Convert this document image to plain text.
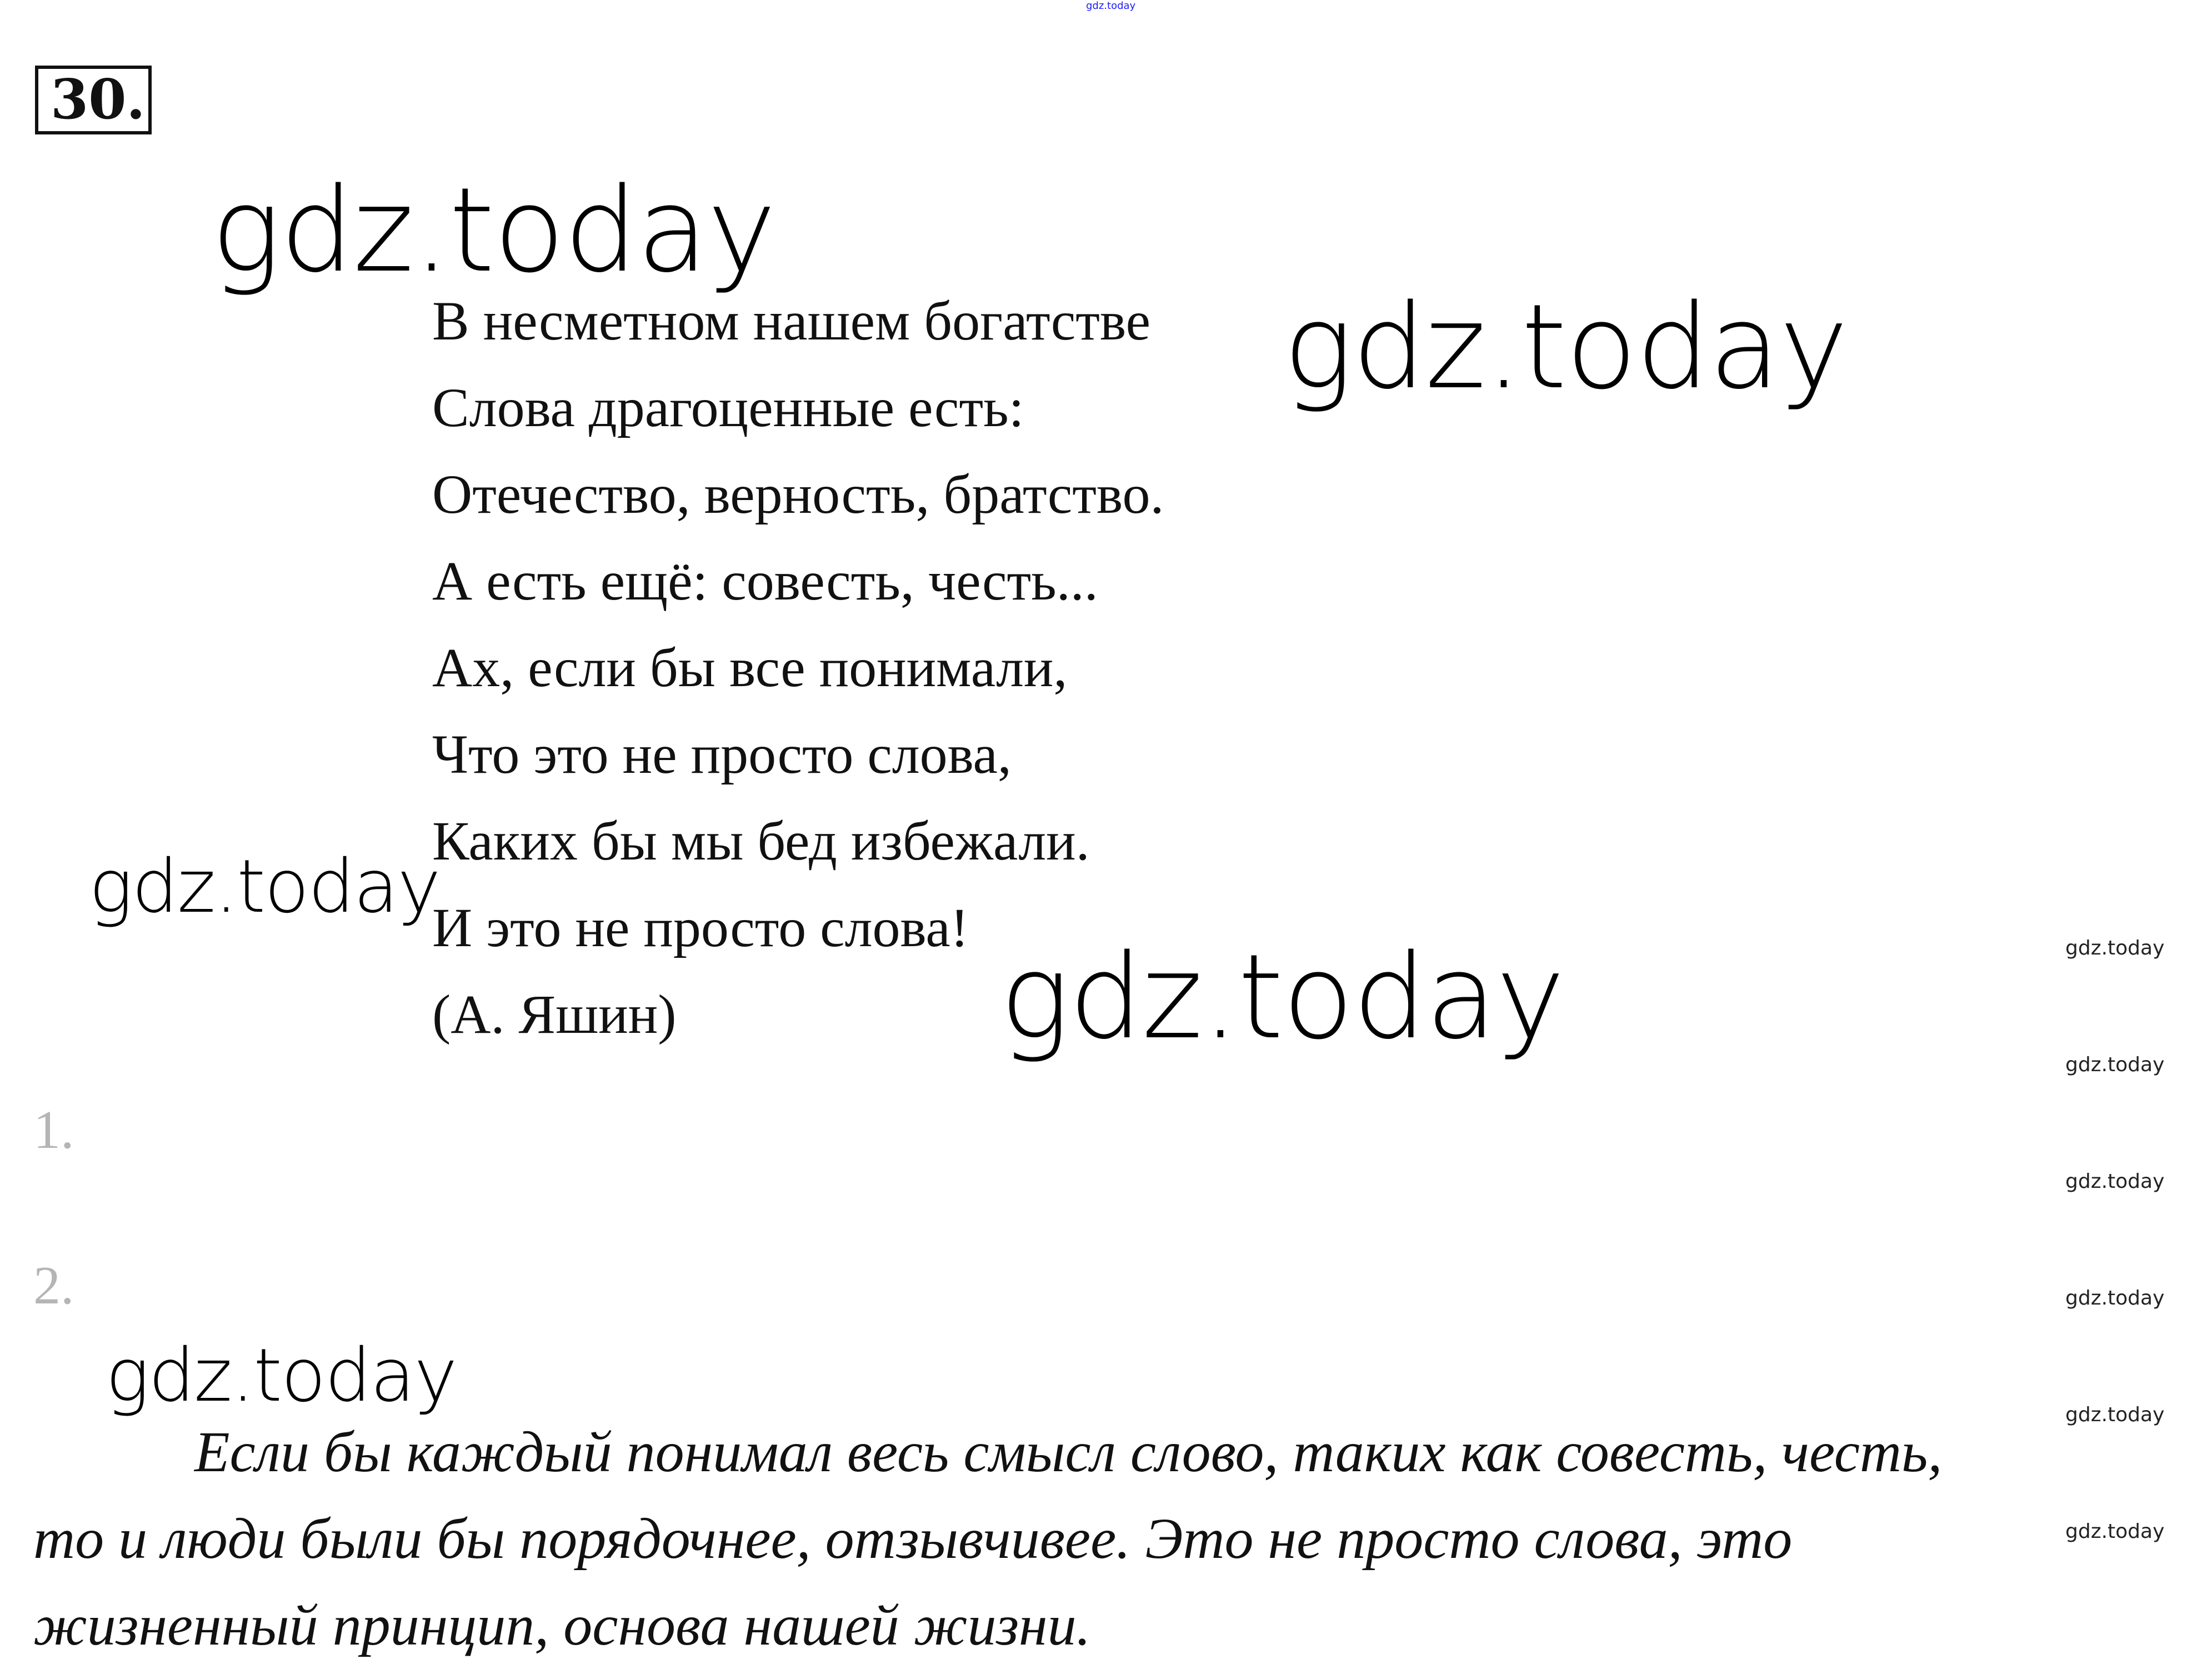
gdz.today
30.
gdz.today
gdz.today
gdz.today
gdz.today
gdz.today
gdz.today
gdz.today
gdz.today
gdz.today
gdz.today
gdz.today
В несметном нашем богатстве
Слова драгоценные есть:
Отечество, верность, братство.
А есть ещё: совесть, честь...
Ах, если бы все понимали,
Что это не просто слова,
Каких бы мы бед избежали.
И это не просто слова!
(А. Яшин)
1.
2.

Если бы каждый понимал весь смысл слово, таких как совесть, честь,
то и люди были бы порядочнее, отзывчивее. Это не просто слова, это
жизненный принцип, основа нашей жизни.
